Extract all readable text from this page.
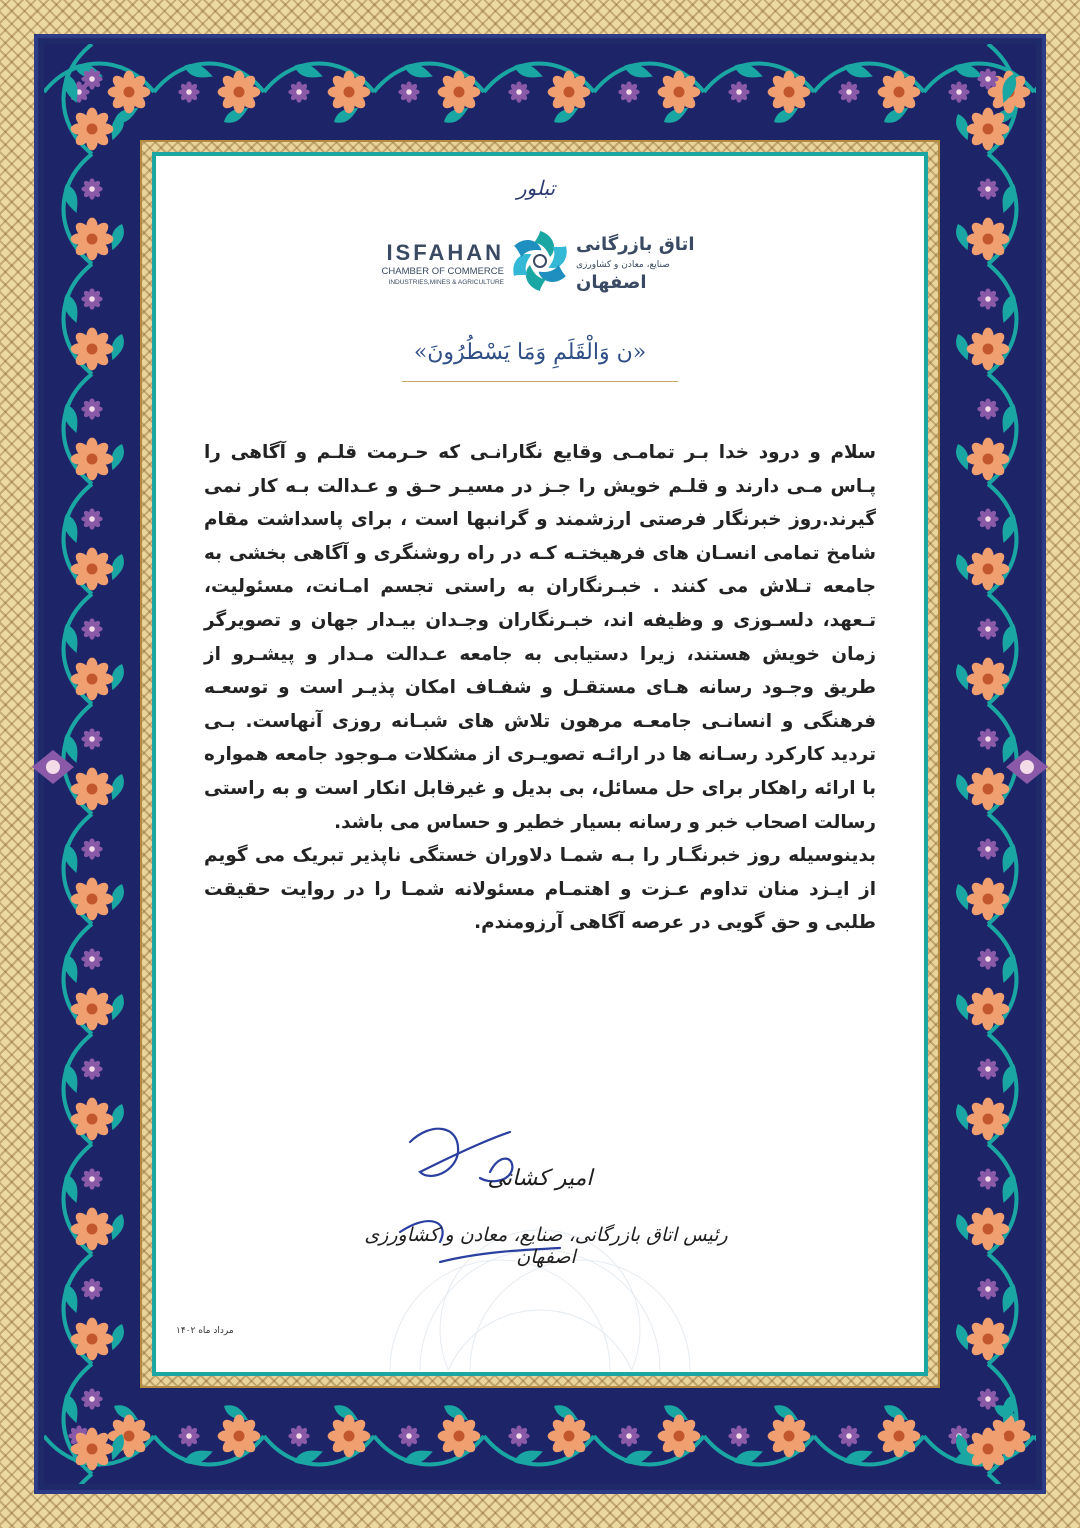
تبلور
ISFAHAN
CHAMBER OF COMMERCE
INDUSTRIES,MINES & AGRICULTURE
اتاق بازرگانی
صنایع، معادن و کشاورزی
اصفهان
«ن وَالْقَلَمِ وَمَا يَسْطُرُونَ»

سلام و درود خدا بـر تمامـی وقایع نگارانـی که حـرمت قلـم و آگاهی را پـاس مـی دارند و قلـم خویش را جـز در مسیـر حـق و عـدالت بـه کار نمی گیرند.روز خبرنگار فرصتی ارزشمند و گرانبها است ، برای پاسداشت مقام شامخ تمامی انسـان های فرهیختـه کـه در راه روشنگری و آگاهی بخشی به جامعه تـلاش می کنند . خبـرنگاران به راستی تجسم امـانت، مسئولیت، تـعهد، دلسـوزی و وظیفه اند، خبـرنگاران وجـدان بیـدار جهان و تصویرگر زمان خویش هستند، زیرا دستیابی به جامعه عـدالت مـدار و پیشـرو از طریق وجـود رسانه هـای مستقـل و شفـاف امکان پذیـر است و توسعـه فرهنگی و انسانـی جامعـه مرهون تلاش های شبـانه روزی آنهاست. بـی تردید کارکرد رسـانه ها در ارائـه تصویـری از مشکلات مـوجود جامعه همواره با ارائه راهکار برای حل مسائل، بی بدیل و غیرقابل انکار است و به راستی رسالت اصحاب خبر و رسانه بسیار خطیر و حساس می باشد.

بدینوسیله روز خبرنگـار را بـه شمـا دلاوران خستگی ناپذیر تبریک می گویم از ایـزد منان تداوم عـزت و اهتمـام مسئولانه شمـا را در روایت حقیقت طلبی و حق گویی در عرصه آگاهی آرزومندم.

امیر کشانی
رئیس اتاق بازرگانی، صنایع، معادن و کشاورزی اصفهان
مرداد ماه ۱۴۰۲
